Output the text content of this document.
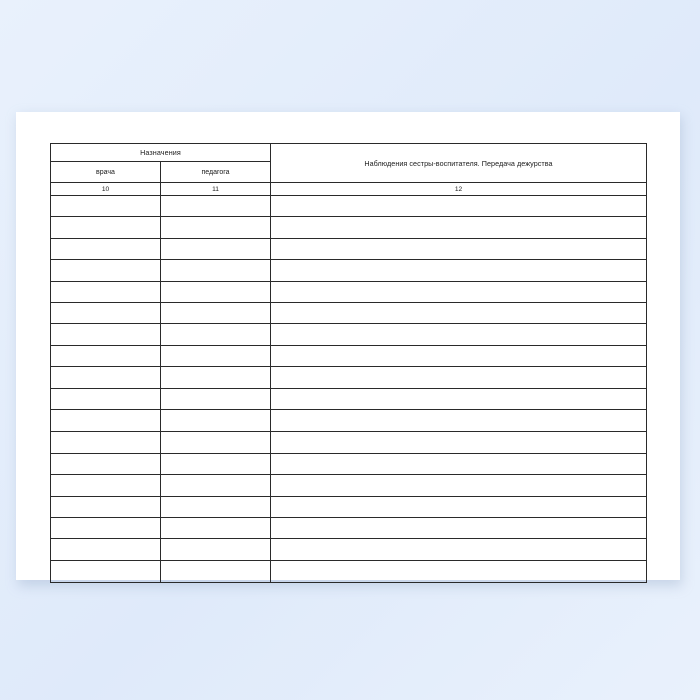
Назначения		Наблюдения сестры-воспитателя. Передача дежурства
врача	педагога	
10	11	12
